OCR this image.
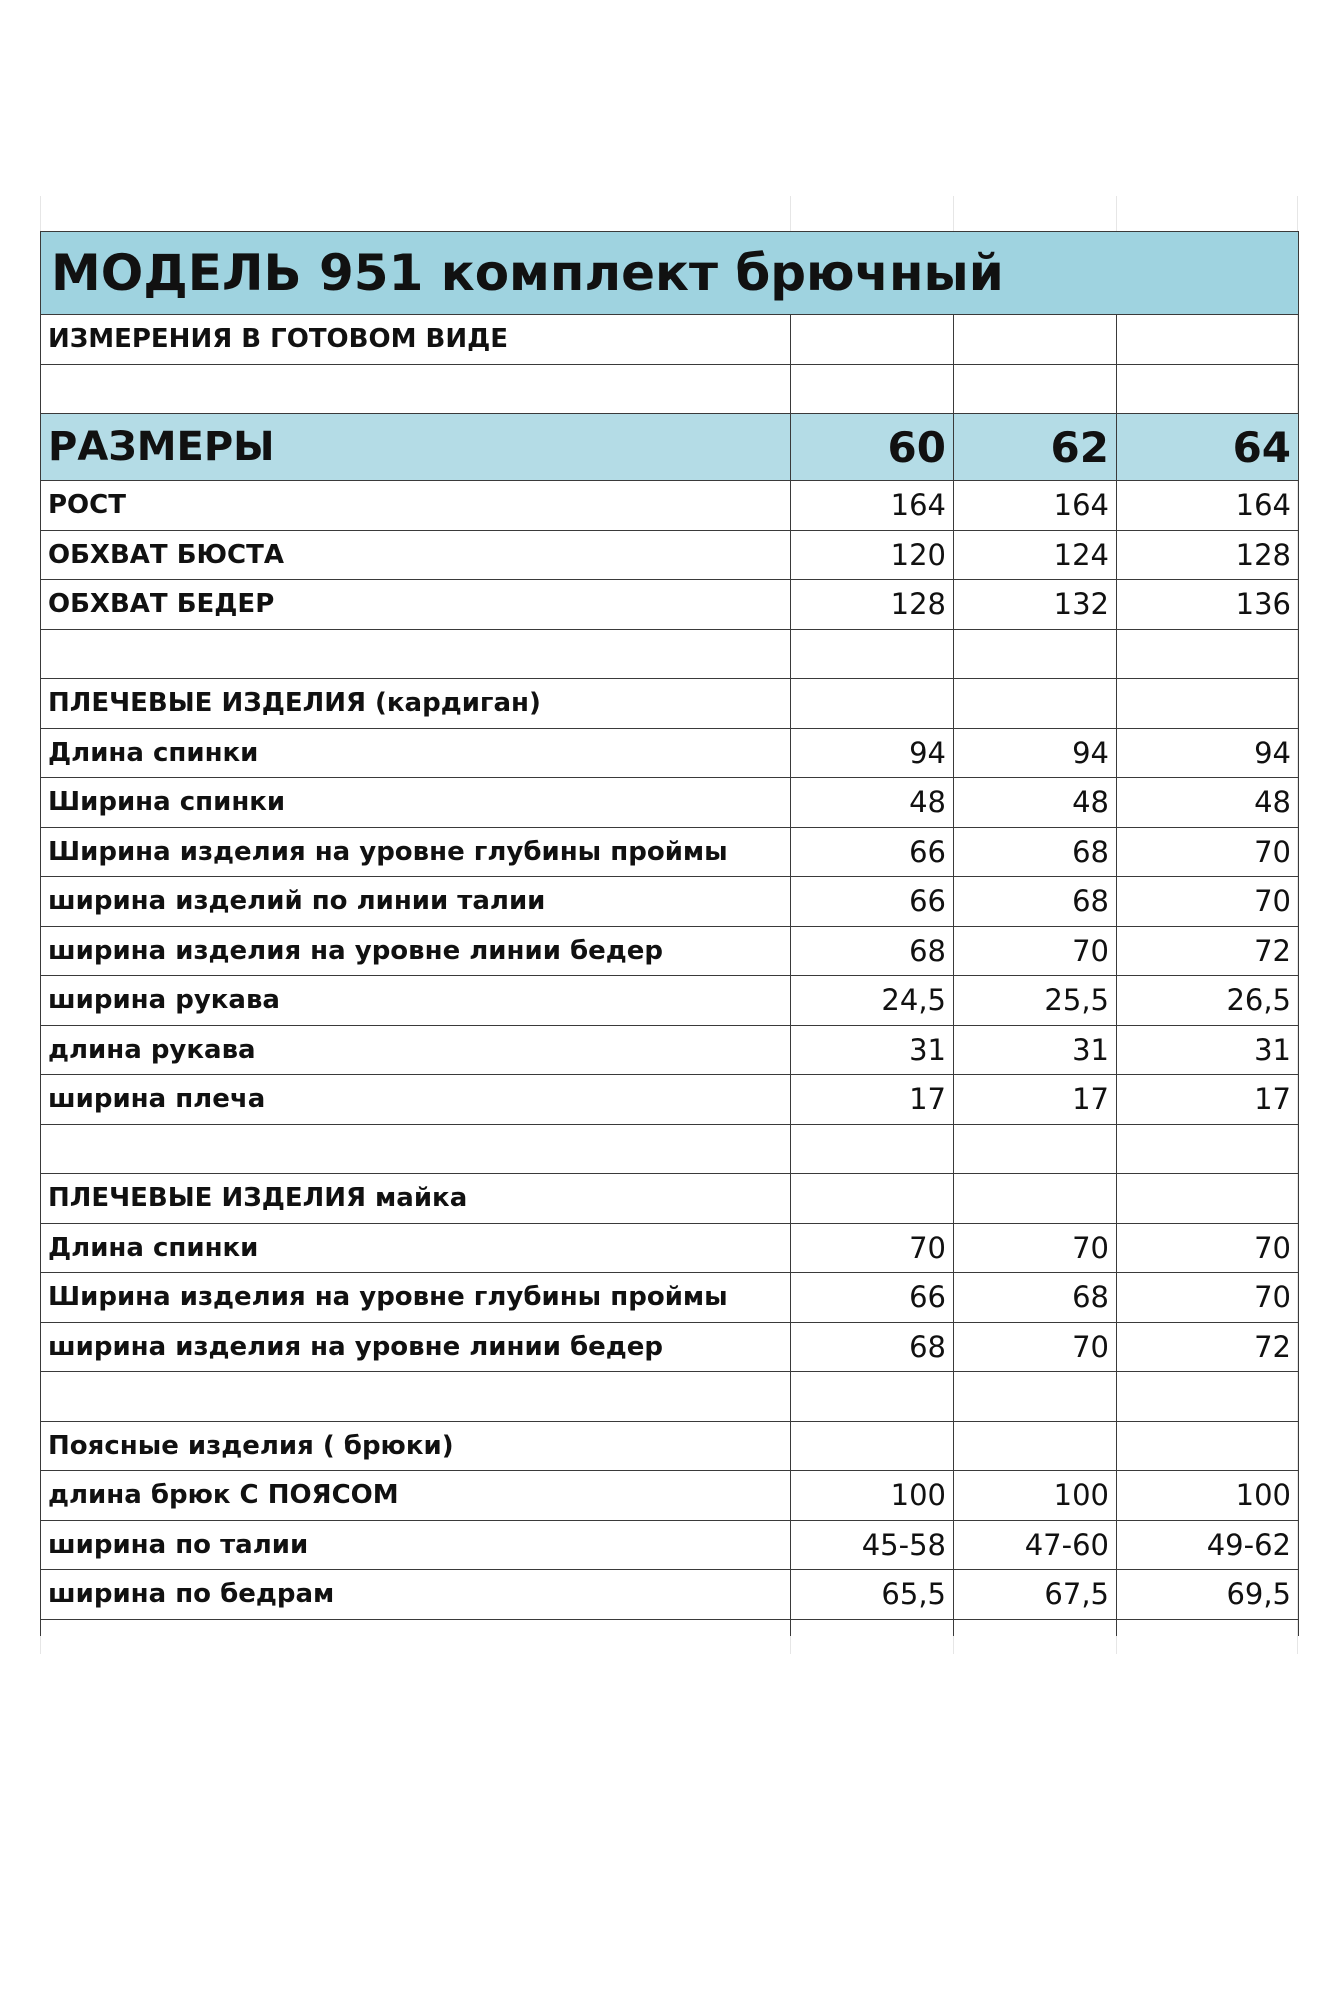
МОДЕЛЬ 951 комплект брючный			
ИЗМЕРЕНИЯ В ГОТОВОМ ВИДЕ			

РАЗМЕРЫ	60	62	64
РОСТ	164	164	164
ОБХВАТ БЮСТА	120	124	128
ОБХВАТ БЕДЕР	128	132	136

ПЛЕЧЕВЫЕ ИЗДЕЛИЯ (кардиган)			
Длина спинки	94	94	94
Ширина спинки	48	48	48
Ширина изделия на уровне глубины проймы	66	68	70
ширина изделий по линии талии	66	68	70
ширина изделия на уровне линии бедер	68	70	72
ширина рукава	24,5	25,5	26,5
длина рукава	31	31	31
ширина плеча	17	17	17

ПЛЕЧЕВЫЕ ИЗДЕЛИЯ майка			
Длина спинки	70	70	70
Ширина изделия на уровне глубины проймы	66	68	70
ширина изделия на уровне линии бедер	68	70	72

Поясные изделия ( брюки)			
длина брюк С ПОЯСОМ	100	100	100
ширина по талии	45-58	47-60	49-62
ширина по бедрам	65,5	67,5	69,5
